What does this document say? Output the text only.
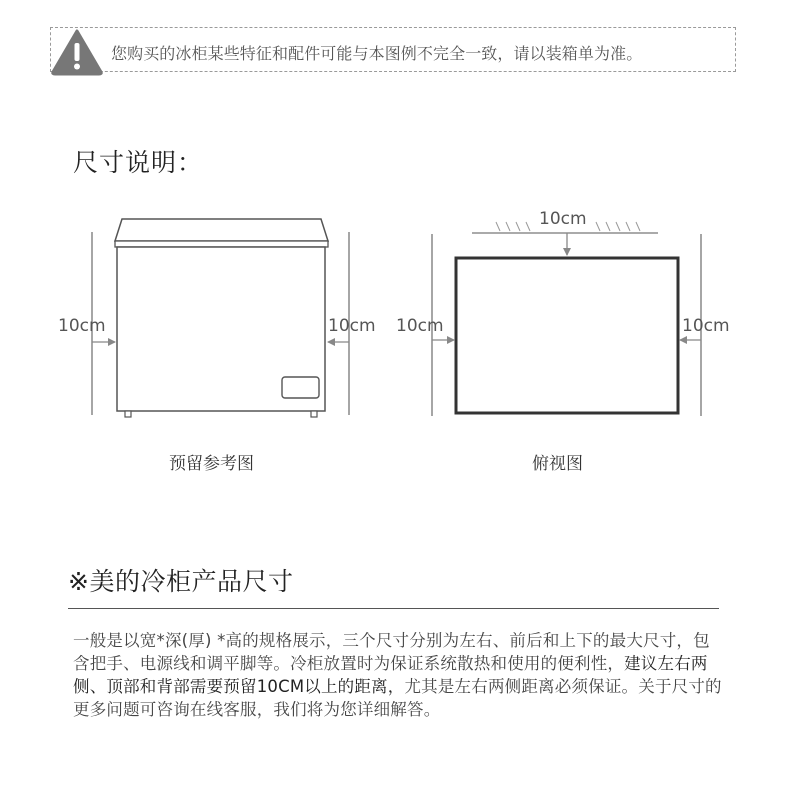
您购买的冰柜某些特征和配件可能与本图例不完全一致，请以装箱单为准。
尺寸说明：
10cm	10cm
10cm
10cm	10cm
预留参考图	俯视图
※美的冷柜产品尺寸
一般是以宽*深(厚) *高的规格展示，三个尺寸分别为左右、前后和上下的最大尺寸，包含把手、电源线和调平脚等。冷柜放置时为保证系统散热和使用的便利性，建议左右两侧、顶部和背部需要预留10CM以上的距离，尤其是左右两侧距离必须保证。关于尺寸的更多问题可咨询在线客服，我们将为您详细解答。
